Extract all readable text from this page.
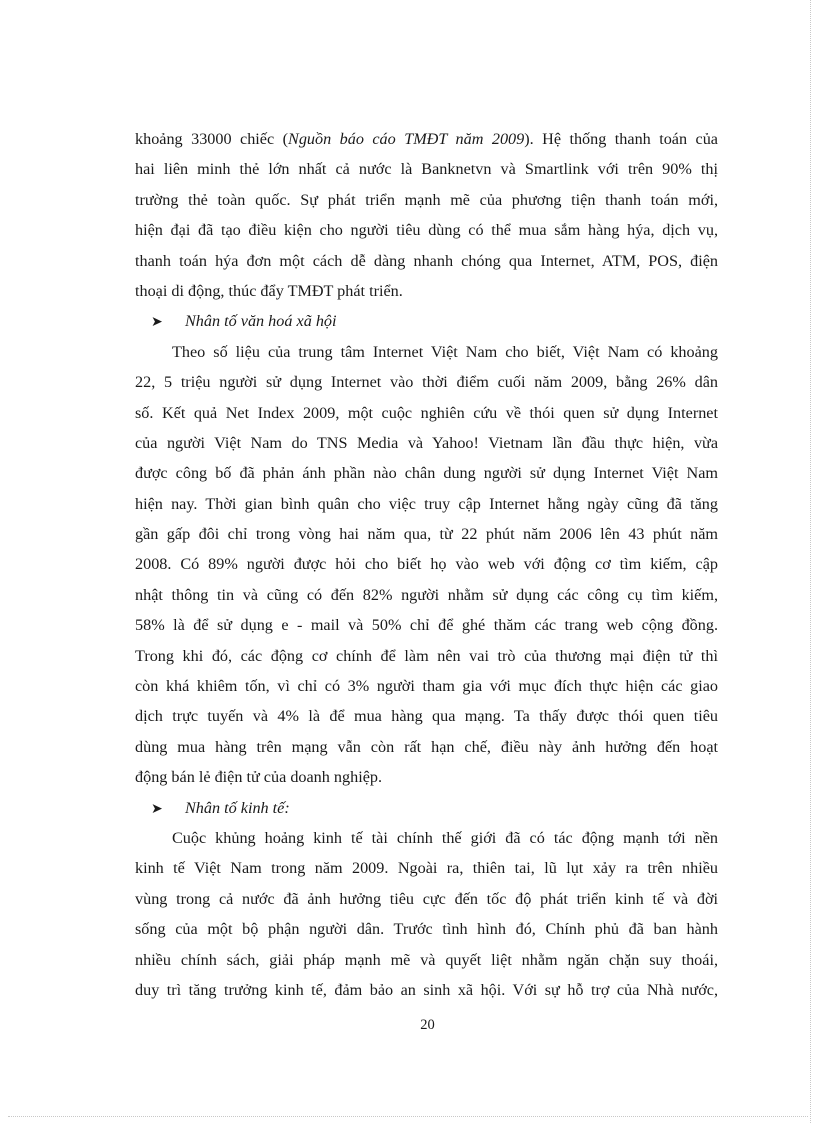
khoảng 33000 chiếc (Nguồn báo cáo TMĐT năm 2009). Hệ thống thanh toán của
hai liên minh thẻ lớn nhất cả nước là Banknetvn và Smartlink với trên 90% thị
trường thẻ toàn quốc. Sự phát triển mạnh mẽ của phương tiện thanh toán mới,
hiện đại đã tạo điều kiện cho người tiêu dùng có thể mua sắm hàng hýa, dịch vụ,
thanh toán hýa đơn một cách dễ dàng nhanh chóng qua Internet, ATM, POS, điện
thoại di động, thúc đẩy TMĐT phát triển.
➤ Nhân tố văn hoá xã hội
Theo số liệu của trung tâm Internet Việt Nam cho biết, Việt Nam có khoảng
22, 5 triệu người sử dụng Internet vào thời điểm cuối năm 2009, bằng 26% dân
số. Kết quả Net Index 2009, một cuộc nghiên cứu về thói quen sử dụng Internet
của người Việt Nam do TNS Media và Yahoo! Vietnam lần đầu thực hiện, vừa
được công bố đã phản ánh phần nào chân dung người sử dụng Internet Việt Nam
hiện nay. Thời gian bình quân cho việc truy cập Internet hằng ngày cũng đã tăng
gần gấp đôi chỉ trong vòng hai năm qua, từ 22 phút năm 2006 lên 43 phút năm
2008. Có 89% người được hỏi cho biết họ vào web với động cơ tìm kiếm, cập
nhật thông tin và cũng có đến 82% người nhằm sử dụng các công cụ tìm kiếm,
58% là để sử dụng e - mail và 50% chỉ để ghé thăm các trang web cộng đồng.
Trong khi đó, các động cơ chính để làm nên vai trò của thương mại điện tử thì
còn khá khiêm tốn, vì chỉ có 3% người tham gia với mục đích thực hiện các giao
dịch trực tuyến và 4% là để mua hàng qua mạng. Ta thấy được thói quen tiêu
dùng mua hàng trên mạng vẫn còn rất hạn chế, điều này ảnh hưởng đến hoạt
động bán lẻ điện tử của doanh nghiệp.
➤ Nhân tố kinh tế:
Cuộc khủng hoảng kinh tế tài chính thế giới đã có tác động mạnh tới nền
kinh tế Việt Nam trong năm 2009. Ngoài ra, thiên tai, lũ lụt xảy ra trên nhiều
vùng trong cả nước đã ảnh hưởng tiêu cực đến tốc độ phát triển kinh tế và đời
sống của một bộ phận người dân. Trước tình hình đó, Chính phủ đã ban hành
nhiều chính sách, giải pháp mạnh mẽ và quyết liệt nhằm ngăn chặn suy thoái,
duy trì tăng trưởng kinh tế, đảm bảo an sinh xã hội. Với sự hỗ trợ của Nhà nước,
20
